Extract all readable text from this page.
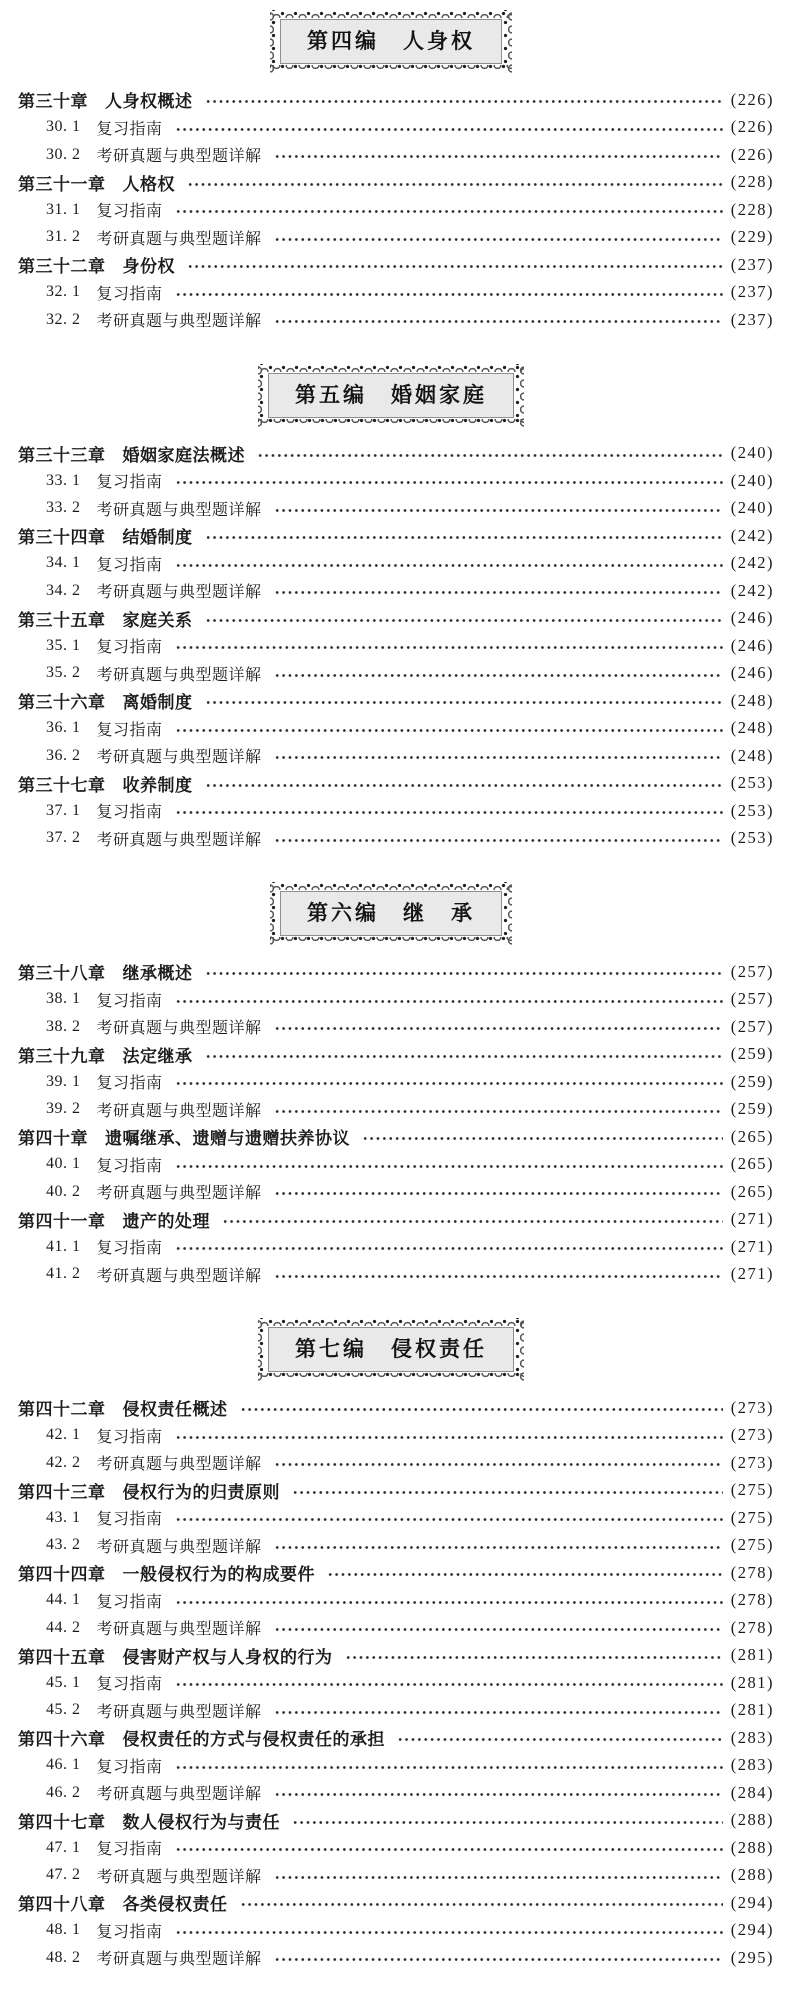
第四编 人身权
第三十章 人身权概述	(226)
30. 1 复习指南	(226)
30. 2 考研真题与典型题详解	(226)
第三十一章 人格权	(228)
31. 1 复习指南	(228)
31. 2 考研真题与典型题详解	(229)
第三十二章 身份权	(237)
32. 1 复习指南	(237)
32. 2 考研真题与典型题详解	(237)
第五编 婚姻家庭
第三十三章 婚姻家庭法概述	(240)
33. 1 复习指南	(240)
33. 2 考研真题与典型题详解	(240)
第三十四章 结婚制度	(242)
34. 1 复习指南	(242)
34. 2 考研真题与典型题详解	(242)
第三十五章 家庭关系	(246)
35. 1 复习指南	(246)
35. 2 考研真题与典型题详解	(246)
第三十六章 离婚制度	(248)
36. 1 复习指南	(248)
36. 2 考研真题与典型题详解	(248)
第三十七章 收养制度	(253)
37. 1 复习指南	(253)
37. 2 考研真题与典型题详解	(253)
第六编 继　承
第三十八章 继承概述	(257)
38. 1 复习指南	(257)
38. 2 考研真题与典型题详解	(257)
第三十九章 法定继承	(259)
39. 1 复习指南	(259)
39. 2 考研真题与典型题详解	(259)
第四十章 遗嘱继承、遗赠与遗赠扶养协议	(265)
40. 1 复习指南	(265)
40. 2 考研真题与典型题详解	(265)
第四十一章 遗产的处理	(271)
41. 1 复习指南	(271)
41. 2 考研真题与典型题详解	(271)
第七编 侵权责任
第四十二章 侵权责任概述	(273)
42. 1 复习指南	(273)
42. 2 考研真题与典型题详解	(273)
第四十三章 侵权行为的归责原则	(275)
43. 1 复习指南	(275)
43. 2 考研真题与典型题详解	(275)
第四十四章 一般侵权行为的构成要件	(278)
44. 1 复习指南	(278)
44. 2 考研真题与典型题详解	(278)
第四十五章 侵害财产权与人身权的行为	(281)
45. 1 复习指南	(281)
45. 2 考研真题与典型题详解	(281)
第四十六章 侵权责任的方式与侵权责任的承担	(283)
46. 1 复习指南	(283)
46. 2 考研真题与典型题详解	(284)
第四十七章 数人侵权行为与责任	(288)
47. 1 复习指南	(288)
47. 2 考研真题与典型题详解	(288)
第四十八章 各类侵权责任	(294)
48. 1 复习指南	(294)
48. 2 考研真题与典型题详解	(295)
